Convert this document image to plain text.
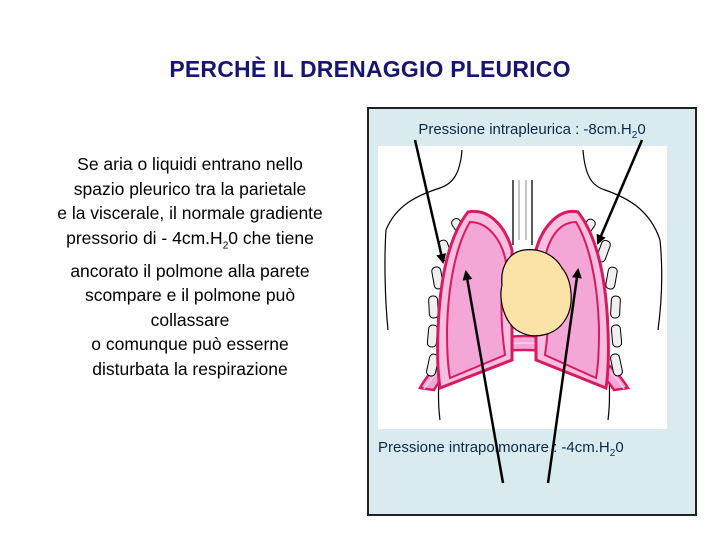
PERCHÈ IL DRENAGGIO PLEURICO
Se aria o liquidi entrano nello
spazio pleurico tra la parietale
e la viscerale, il normale gradiente
pressorio di - $4cm.H_20$ che tiene
ancorato il polmone alla parete
scompare e il polmone può
collassare
o comunque può esserne
disturbata la respirazione
Pressione intrapleurica : $-8cm.H_20$
Pressione intrapolmonare : $-4cm.H_20$
